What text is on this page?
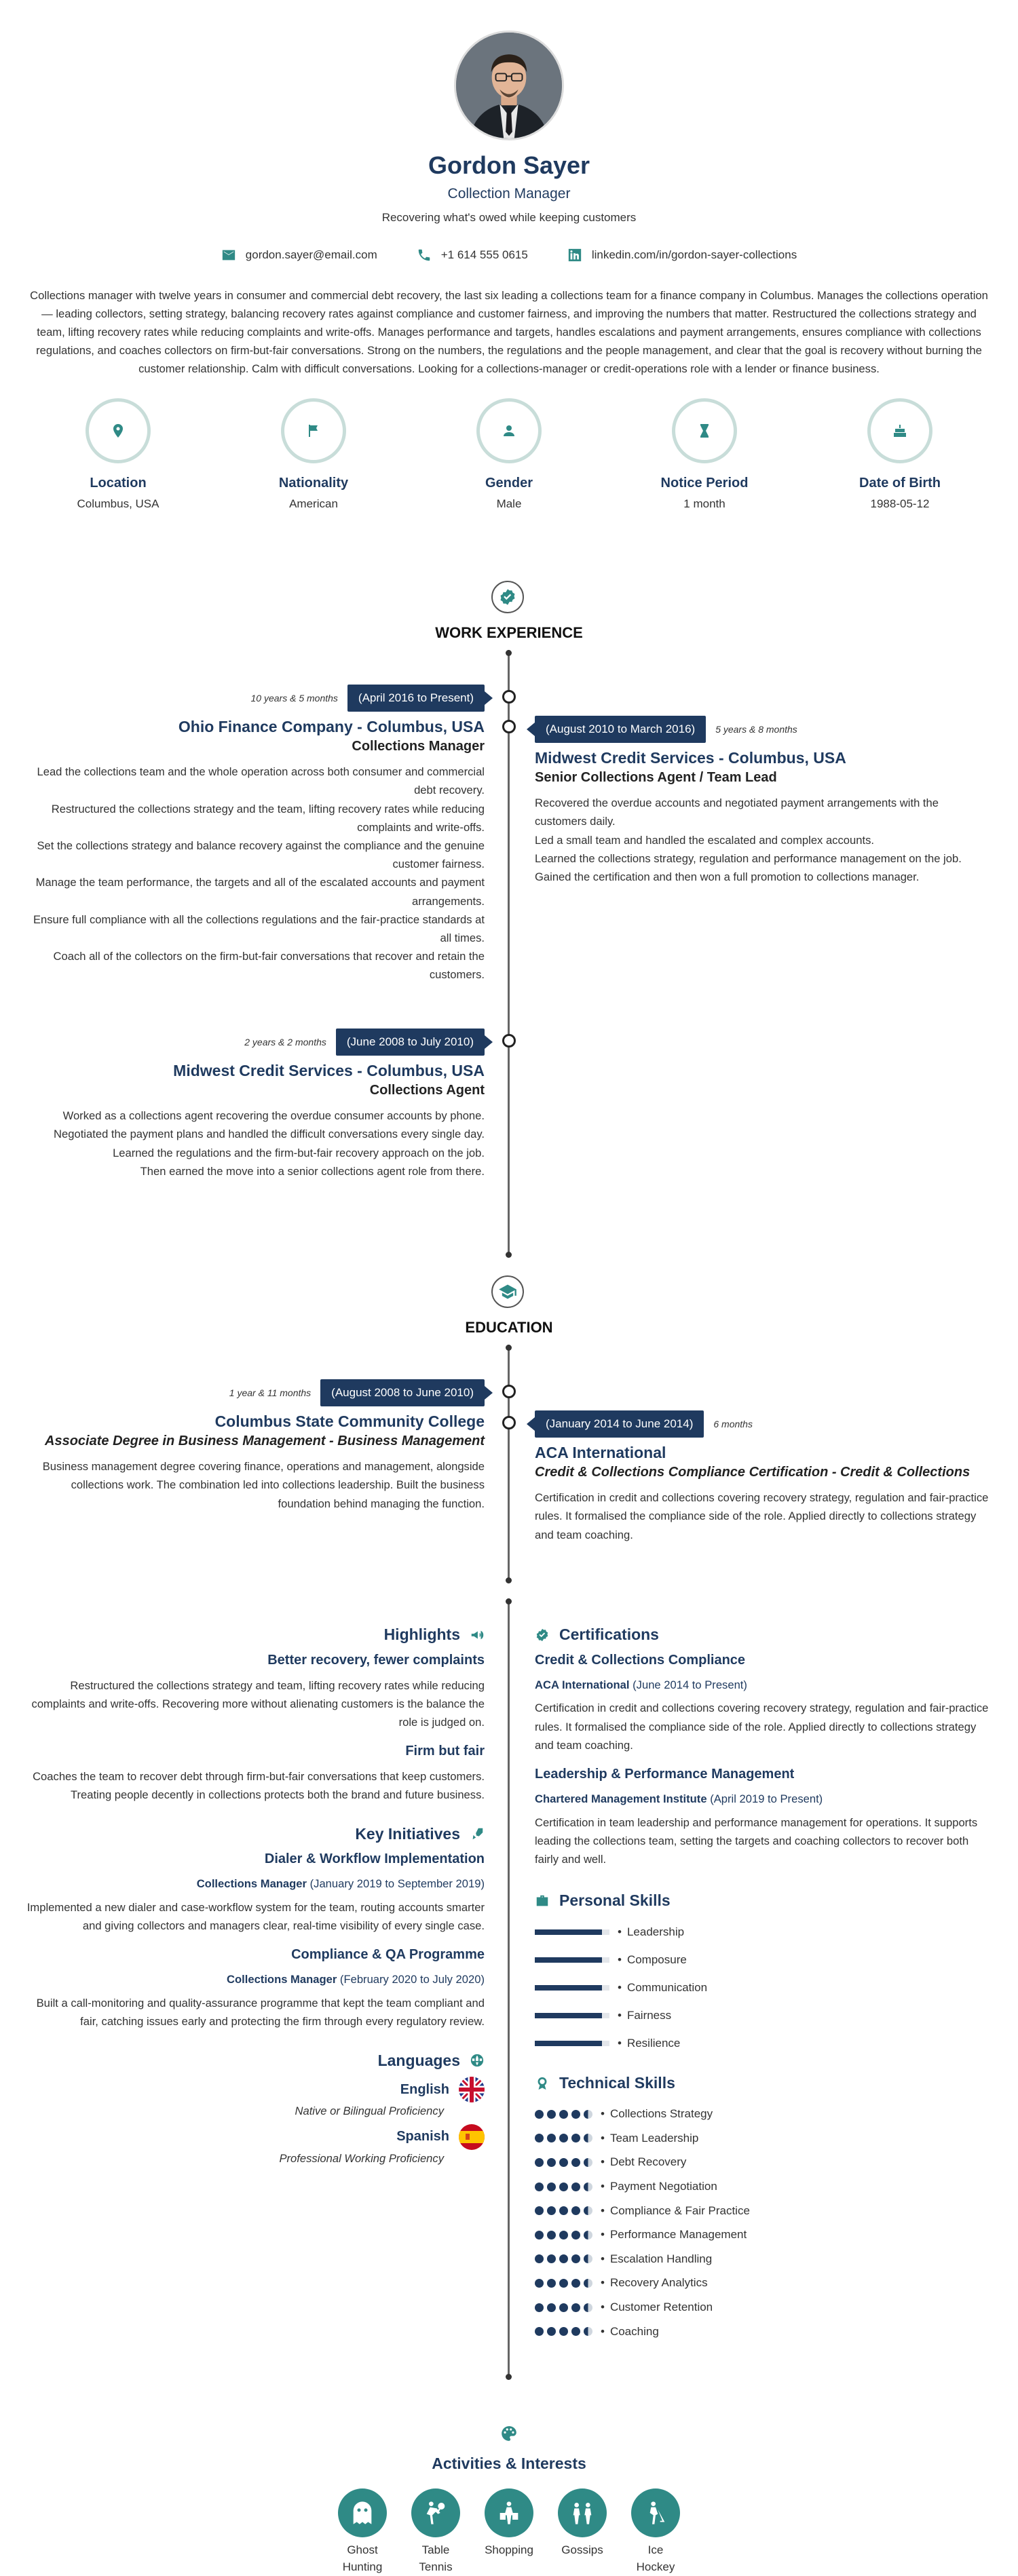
Gordon Sayer
Collection Manager
Recovering what's owed while keeping customers
gordon.sayer@email.com	+1 614 555 0615	linkedin.com/in/gordon-sayer-collections
Collections manager with twelve years in consumer and commercial debt recovery, the last six leading a collections team for a finance company in Columbus. Manages the collections operation — leading collectors, setting strategy, balancing recovery rates against compliance and customer fairness, and improving the numbers that matter. Restructured the collections strategy and team, lifting recovery rates while reducing complaints and write-offs. Manages performance and targets, handles escalations and payment arrangements, ensures compliance with collections regulations, and coaches collectors on firm-but-fair conversations. Strong on the numbers, the regulations and the people management, and clear that the goal is recovery without burning the customer relationship. Calm with difficult conversations. Looking for a collections-manager or credit-operations role with a lender or finance business.
Location
Columbus, USA
Nationality
American
Gender
Male
Notice Period
1 month
Date of Birth
1988-05-12
WORK EXPERIENCE
10 years & 5 months (April 2016 to Present)
Ohio Finance Company - Columbus, USA
Collections Manager

Lead the collections team and the whole operation across both consumer and commercial debt recovery.

Restructured the collections strategy and the team, lifting recovery rates while reducing complaints and write-offs.

Set the collections strategy and balance recovery against the compliance and the genuine customer fairness.

Manage the team performance, the targets and all of the escalated accounts and payment arrangements.

Ensure full compliance with all the collections regulations and the fair-practice standards at all times.

Coach all of the collectors on the firm-but-fair conversations that recover and retain the customers.

(August 2010 to March 2016) 5 years & 8 months
Midwest Credit Services - Columbus, USA
Senior Collections Agent / Team Lead

Recovered the overdue accounts and negotiated payment arrangements with the customers daily.

Led a small team and handled the escalated and complex accounts.

Learned the collections strategy, regulation and performance management on the job.

Gained the certification and then won a full promotion to collections manager.

2 years & 2 months (June 2008 to July 2010)
Midwest Credit Services - Columbus, USA
Collections Agent

Worked as a collections agent recovering the overdue consumer accounts by phone.

Negotiated the payment plans and handled the difficult conversations every single day.

Learned the regulations and the firm-but-fair recovery approach on the job.

Then earned the move into a senior collections agent role from there.

EDUCATION
1 year & 11 months (August 2008 to June 2010)
Columbus State Community College
Associate Degree in Business Management - Business Management
Business management degree covering finance, operations and management, alongside collections work. The combination led into collections leadership. Built the business foundation behind managing the function.
(January 2014 to June 2014) 6 months
ACA International
Credit & Collections Compliance Certification - Credit & Collections
Certification in credit and collections covering recovery strategy, regulation and fair-practice rules. It formalised the compliance side of the role. Applied directly to collections strategy and team coaching.
Highlights
Better recovery, fewer complaints
Restructured the collections strategy and team, lifting recovery rates while reducing complaints and write-offs. Recovering more without alienating customers is the balance the role is judged on.
Firm but fair
Coaches the team to recover debt through firm-but-fair conversations that keep customers. Treating people decently in collections protects both the brand and future business.
Key Initiatives
Dialer & Workflow Implementation
Collections Manager (January 2019 to September 2019)
Implemented a new dialer and case-workflow system for the team, routing accounts smarter and giving collectors and managers clear, real-time visibility of every single case.
Compliance & QA Programme
Collections Manager (February 2020 to July 2020)
Built a call-monitoring and quality-assurance programme that kept the team compliant and fair, catching issues early and protecting the firm through every regulatory review.
Languages
English
Native or Bilingual Proficiency
Spanish
Professional Working Proficiency
Certifications
Credit & Collections Compliance
ACA International (June 2014 to Present)
Certification in credit and collections covering recovery strategy, regulation and fair-practice rules. It formalised the compliance side of the role. Applied directly to collections strategy and team coaching.
Leadership & Performance Management
Chartered Management Institute (April 2019 to Present)
Certification in team leadership and performance management for operations. It supports leading the collections team, setting the targets and coaching collectors to recover both fairly and well.
Personal Skills
• Leadership
• Composure
• Communication
• Fairness
• Resilience
Technical Skills
• Collections Strategy
• Team Leadership
• Debt Recovery
• Payment Negotiation
• Compliance & Fair Practice
• Performance Management
• Escalation Handling
• Recovery Analytics
• Customer Retention
• Coaching
Activities & Interests
Ghost Hunting
Table Tennis
Shopping	Gossips	Ice Hockey
